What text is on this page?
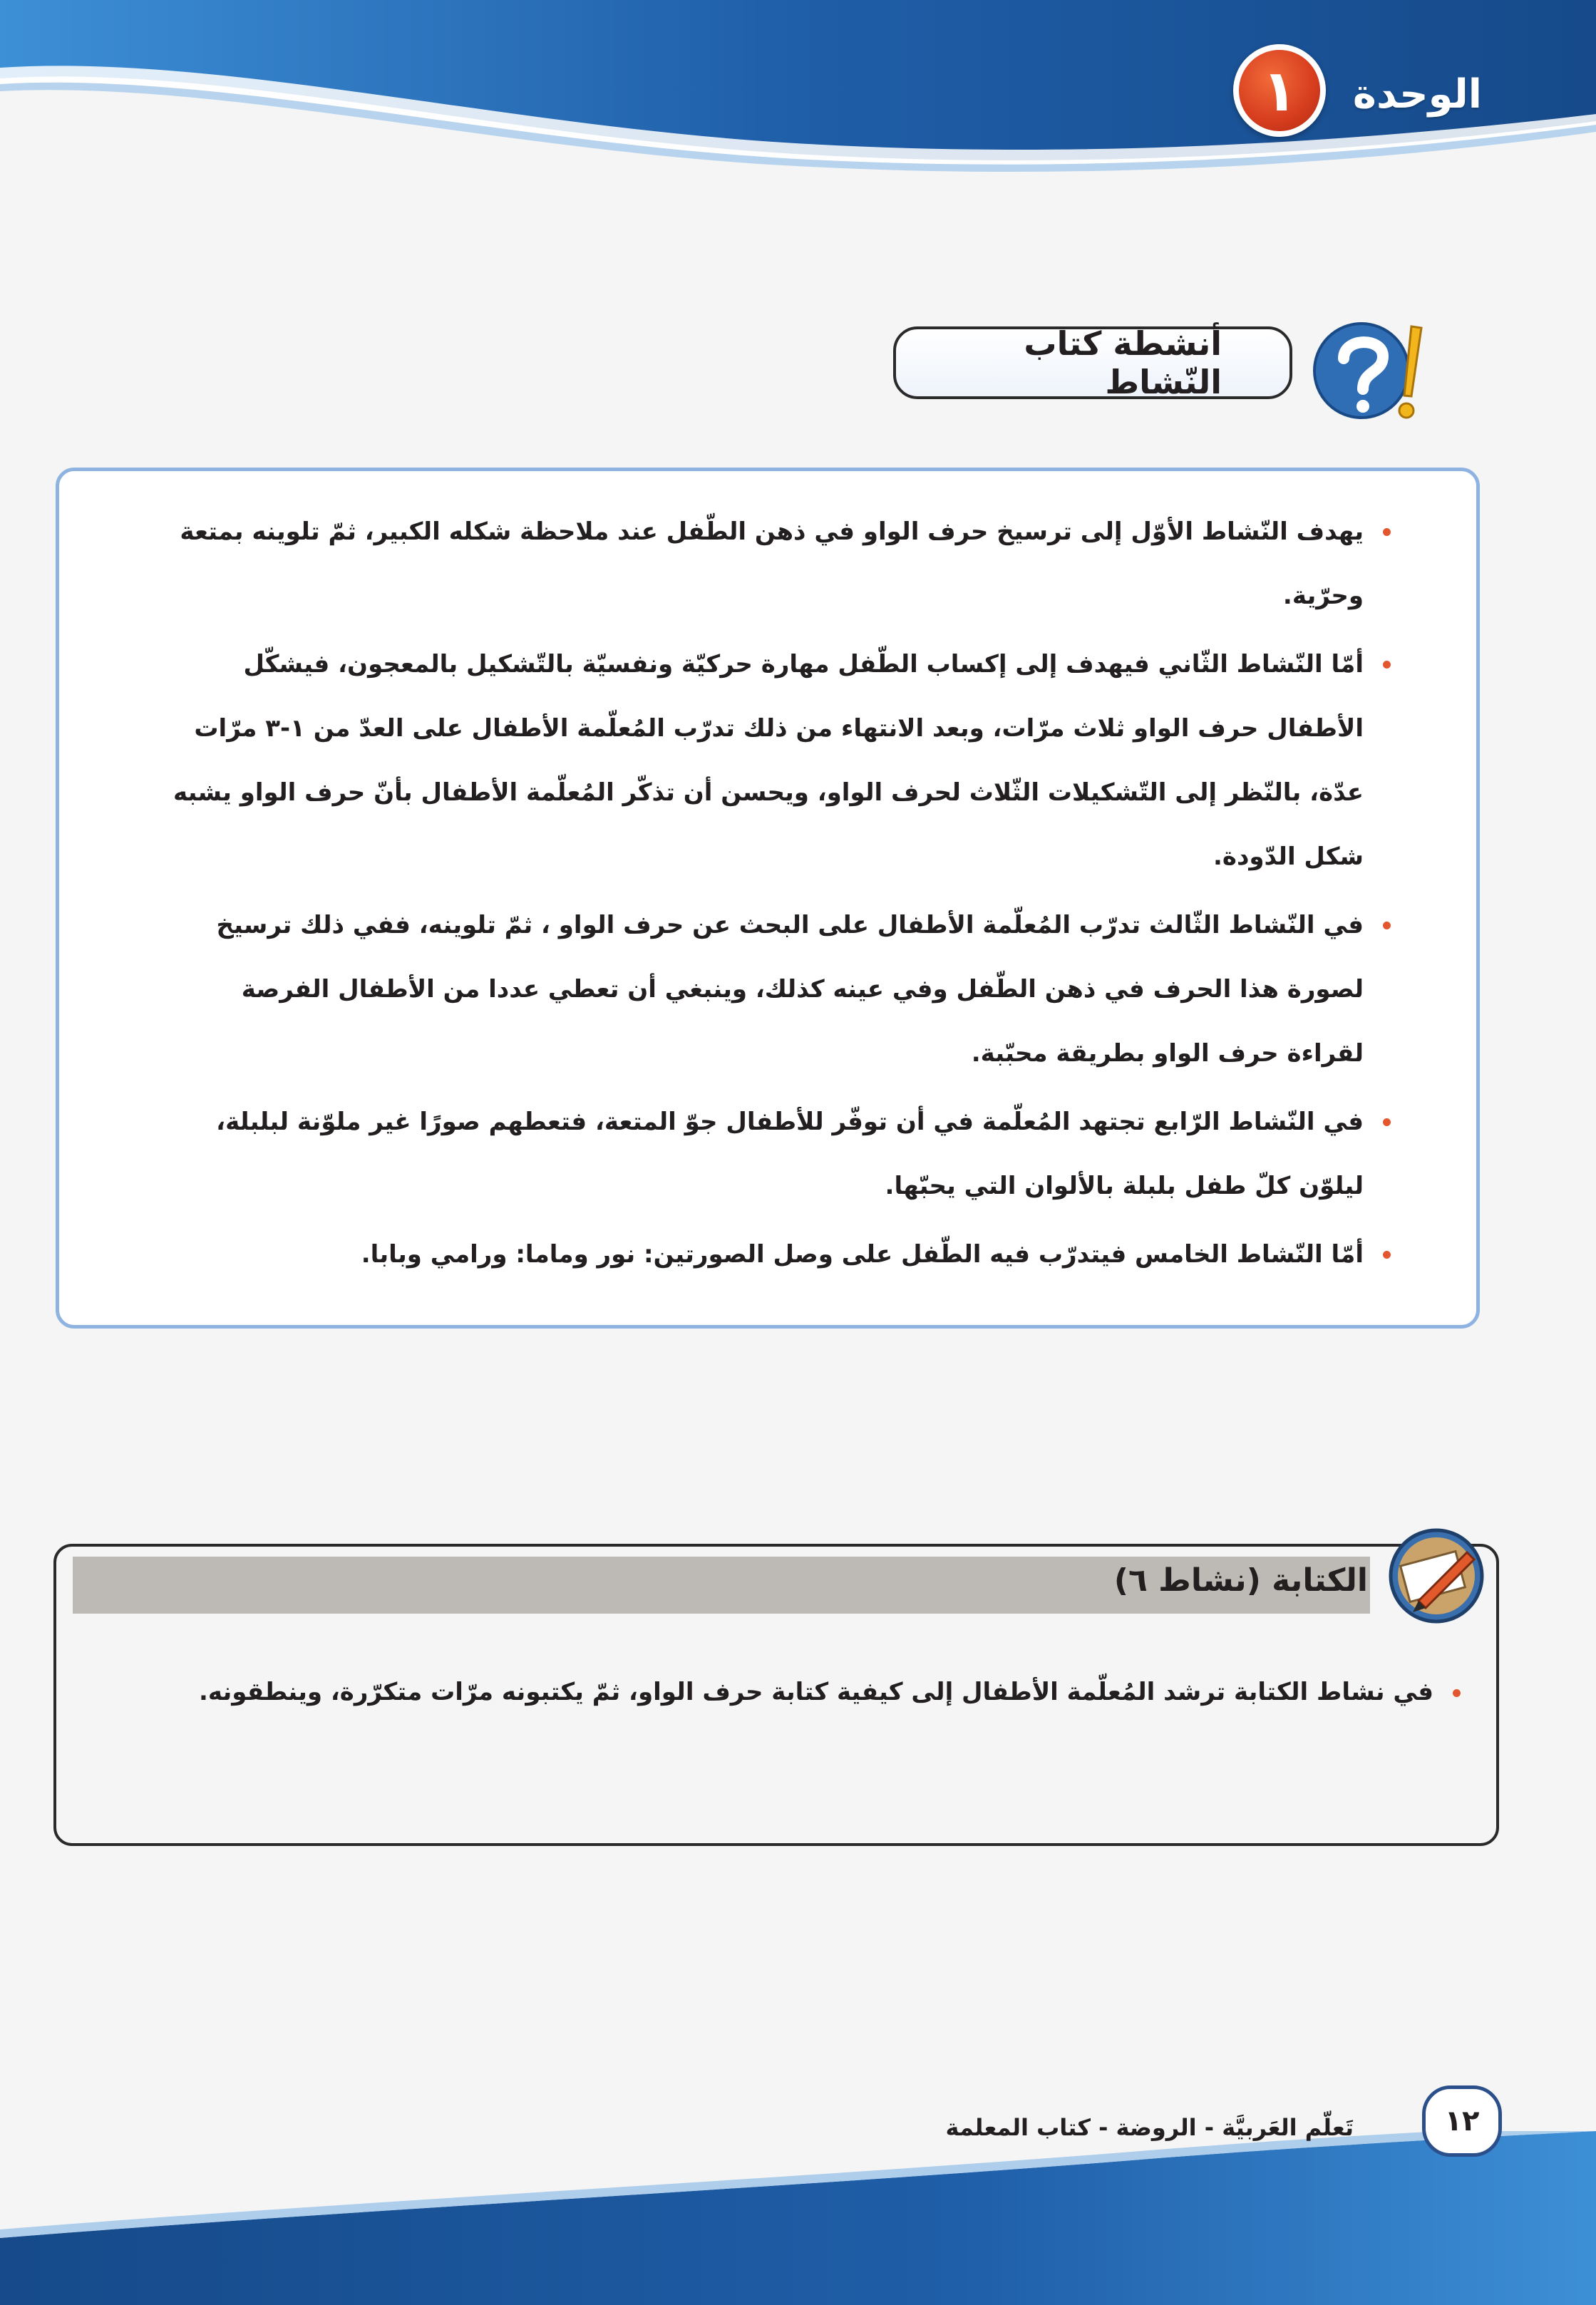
الوحدة
١
أنشطة كتاب النّشاط
يهدف النّشاط الأوّل إلى ترسيخ حرف الواو في ذهن الطّفل عند ملاحظة شكله الكبير، ثمّ تلوينه بمتعة وحرّية.
أمّا النّشاط الثّاني فيهدف إلى إكساب الطّفل مهارة حركيّة ونفسيّة بالتّشكيل بالمعجون، فيشكّل الأطفال حرف الواو ثلاث مرّات، وبعد الانتهاء من ذلك تدرّب المُعلّمة الأطفال على العدّ من ١-٣ مرّات عدّة، بالنّظر إلى التّشكيلات الثّلاث لحرف الواو، ويحسن أن تذكّر المُعلّمة الأطفال بأنّ حرف الواو يشبه شكل الدّودة.
في النّشاط الثّالث تدرّب المُعلّمة الأطفال على البحث عن حرف الواو ، ثمّ تلوينه، ففي ذلك ترسيخ لصورة هذا الحرف في ذهن الطّفل وفي عينه كذلك، وينبغي أن تعطي عددا من الأطفال الفرصة لقراءة حرف الواو بطريقة محبّبة.
في النّشاط الرّابع تجتهد المُعلّمة في أن توفّر للأطفال جوّ المتعة، فتعطهم صورًا غير ملوّنة لبلبلة، ليلوّن كلّ طفل بلبلة بالألوان التي يحبّها.
أمّا النّشاط الخامس فيتدرّب فيه الطّفل على وصل الصورتين: نور وماما: ورامي وبابا.
الكتابة (نشاط ٦)
في نشاط الكتابة ترشد المُعلّمة الأطفال إلى كيفية كتابة حرف الواو، ثمّ يكتبونه مرّات متكرّرة، وينطقونه.
تَعلّم العَربيَّة - الروضة - كتاب المعلمة	١٢
